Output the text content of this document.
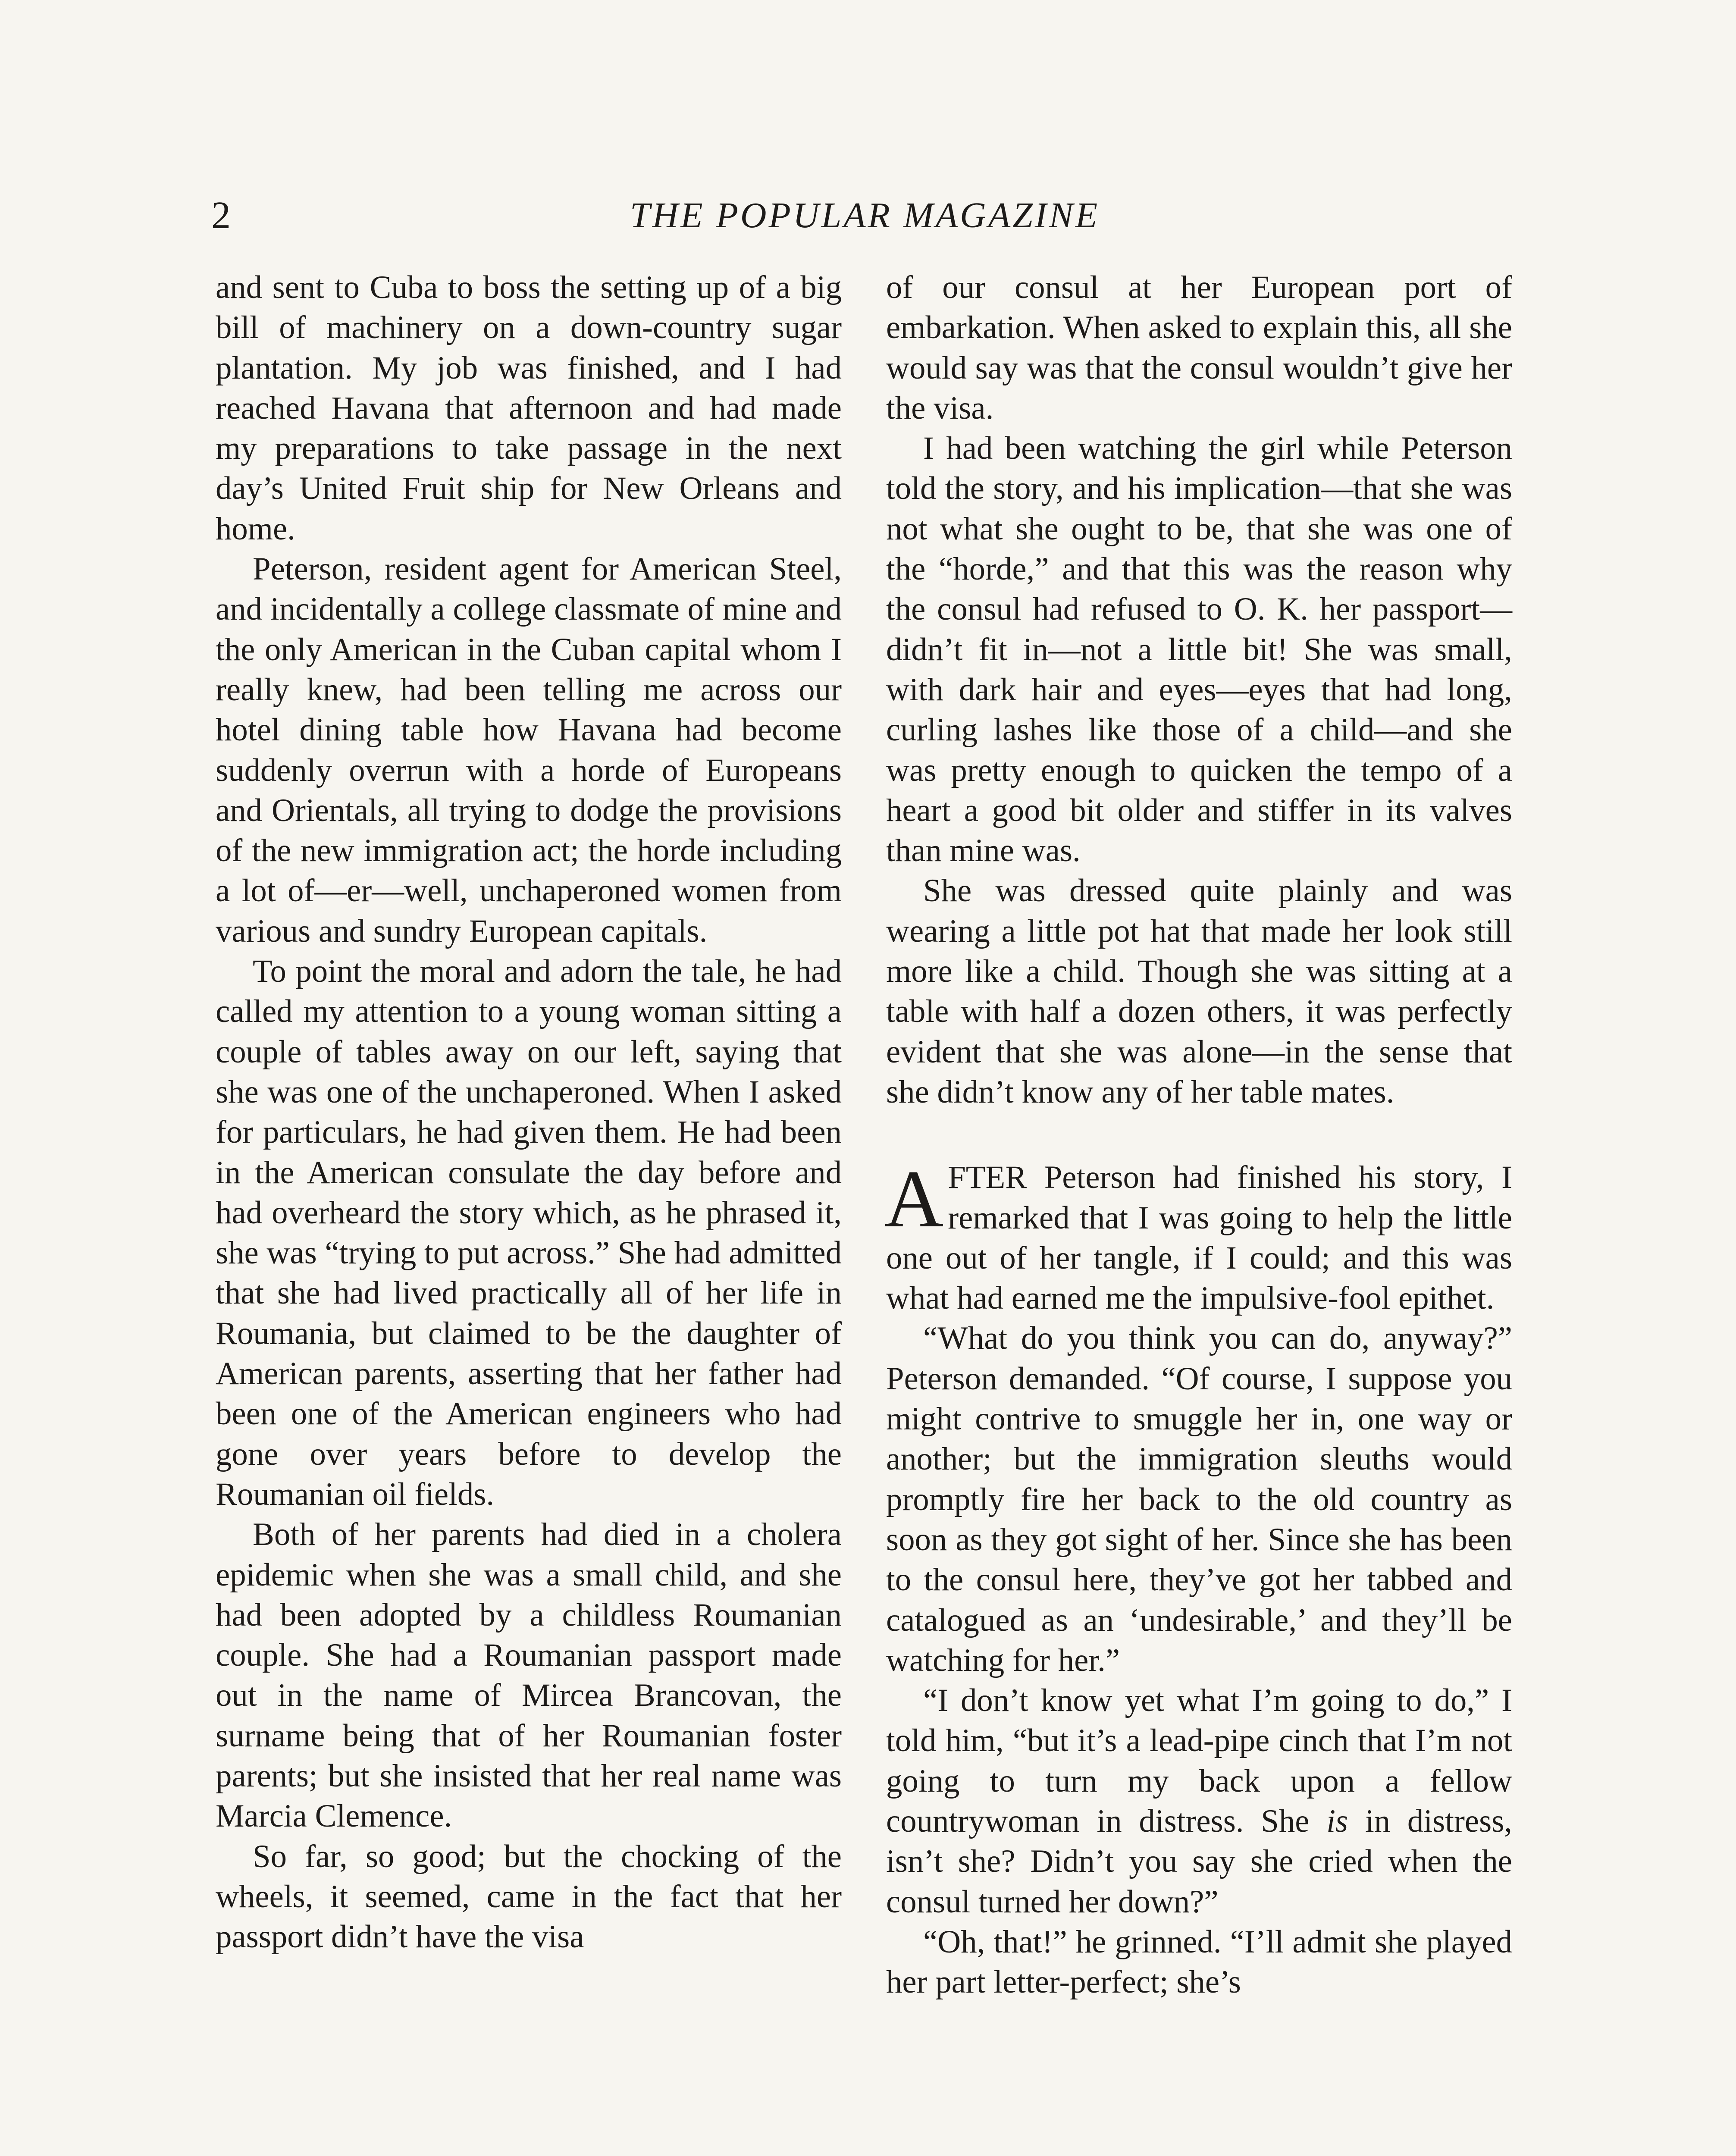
2	THE POPULAR MAGAZINE

and sent to Cuba to boss the setting up of a big bill of machinery on a down-country sugar plantation. My job was finished, and I had reached Havana that afternoon and had made my preparations to take passage in the next day’s United Fruit ship for New Orleans and home.

Peterson, resident agent for American Steel, and incidentally a college classmate of mine and the only American in the Cuban capital whom I really knew, had been telling me across our hotel dining table how Havana had become suddenly overrun with a horde of Europeans and Orientals, all trying to dodge the provisions of the new immigration act; the horde including a lot of—er—well, unchaperoned women from various and sundry European capitals.

To point the moral and adorn the tale, he had called my attention to a young woman sitting a couple of tables away on our left, saying that she was one of the unchaperoned. When I asked for particulars, he had given them. He had been in the American consulate the day before and had overheard the story which, as he phrased it, she was “trying to put across.” She had admitted that she had lived practically all of her life in Roumania, but claimed to be the daughter of American parents, asserting that her father had been one of the American engineers who had gone over years before to develop the Roumanian oil fields.

Both of her parents had died in a cholera epidemic when she was a small child, and she had been adopted by a childless Roumanian couple. She had a Roumanian passport made out in the name of Mircea Brancovan, the surname being that of her Roumanian foster parents; but she insisted that her real name was Marcia Clemence.

So far, so good; but the chocking of the wheels, it seemed, came in the fact that her passport didn’t have the visa

of our consul at her European port of embarkation. When asked to explain this, all she would say was that the consul wouldn’t give her the visa.

I had been watching the girl while Peterson told the story, and his implication—that she was not what she ought to be, that she was one of the “horde,” and that this was the reason why the consul had refused to O. K. her passport—didn’t fit in—not a little bit! She was small, with dark hair and eyes—eyes that had long, curling lashes like those of a child—and she was pretty enough to quicken the tempo of a heart a good bit older and stiffer in its valves than mine was.

She was dressed quite plainly and was wearing a little pot hat that made her look still more like a child. Though she was sitting at a table with half a dozen others, it was perfectly evident that she was alone—in the sense that she didn’t know any of her table mates.

AFTER Peterson had finished his story, I remarked that I was going to help the little one out of her tangle, if I could; and this was what had earned me the impulsive-fool epithet.

“What do you think you can do, anyway?” Peterson demanded. “Of course, I suppose you might contrive to smuggle her in, one way or another; but the immigration sleuths would promptly fire her back to the old country as soon as they got sight of her. Since she has been to the consul here, they’ve got her tabbed and catalogued as an ‘undesirable,’ and they’ll be watching for her.”

“I don’t know yet what I’m going to do,” I told him, “but it’s a lead-pipe cinch that I’m not going to turn my back upon a fellow countrywoman in distress. She is in distress, isn’t she? Didn’t you say she cried when the consul turned her down?”

“Oh, that!” he grinned. “I’ll admit she played her part letter-perfect; she’s
